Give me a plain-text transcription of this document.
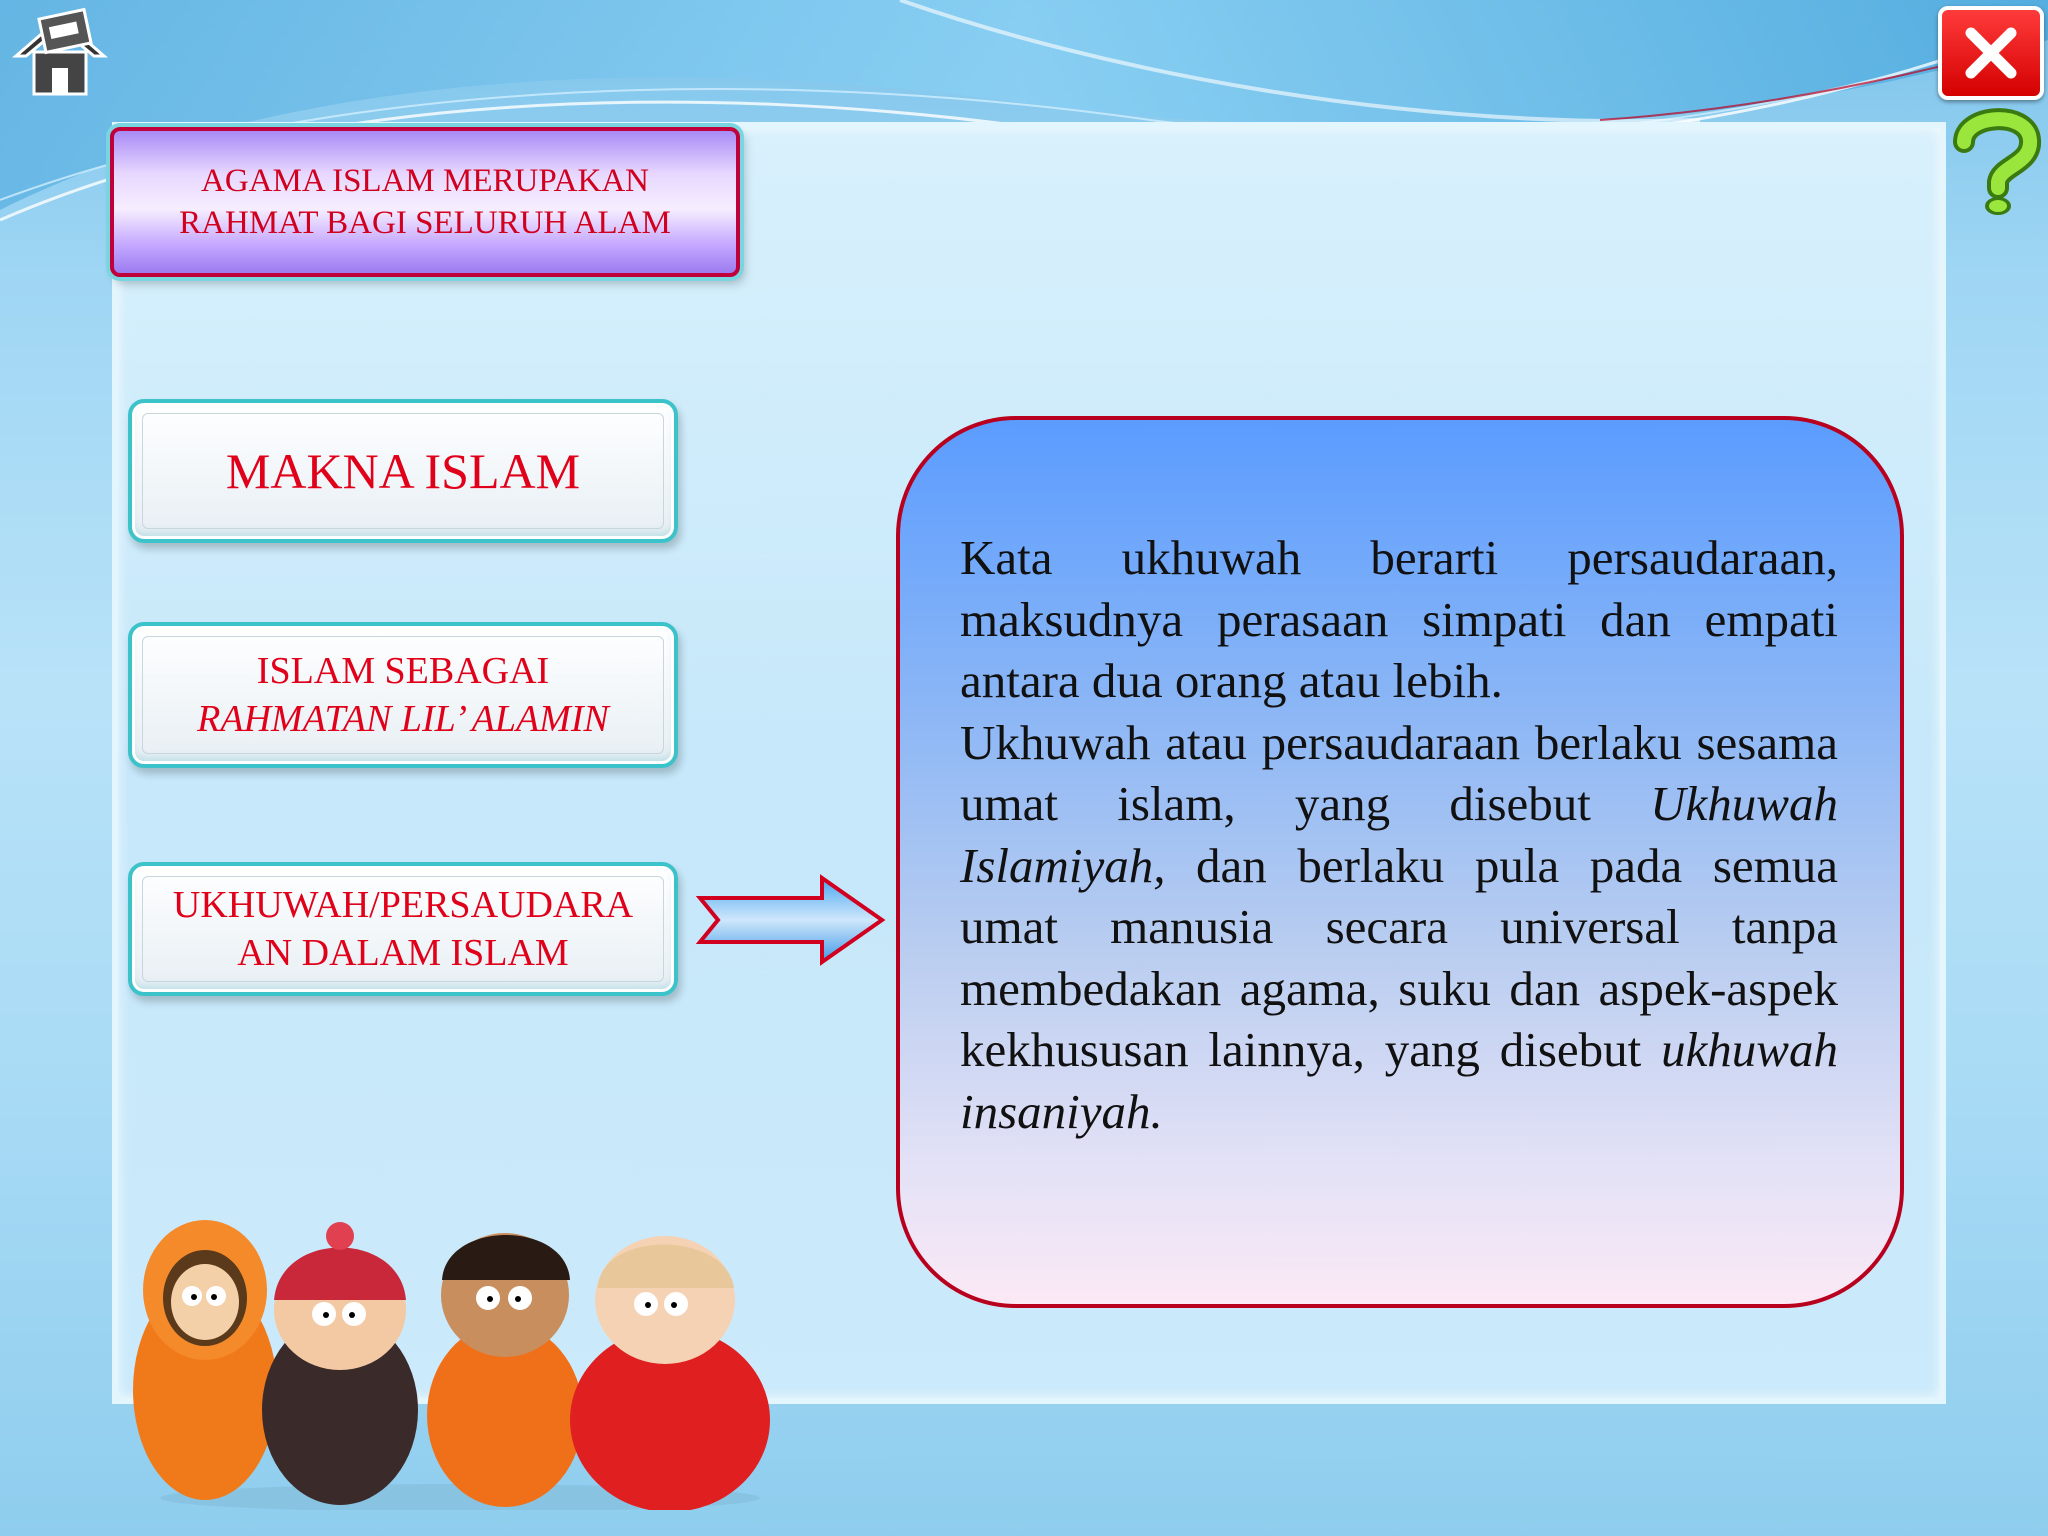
AGAMA ISLAM MERUPAKAN
RAHMAT BAGI SELURUH ALAM
MAKNA ISLAM
ISLAM SEBAGAI
RAHMATAN LIL’ ALAMIN
UKHUWAH/PERSAUDARA
AN DALAM ISLAM

Kata ukhuwah berarti persaudaraan, maksudnya perasaan simpati dan empati antara dua orang atau lebih.

Ukhuwah atau persaudaraan berlaku sesama umat islam, yang disebut Ukhuwah Islamiyah, dan berlaku pula pada semua umat manusia secara universal tanpa membedakan agama, suku dan aspek-aspek kekhususan lainnya, yang disebut ukhuwah insaniyah.
